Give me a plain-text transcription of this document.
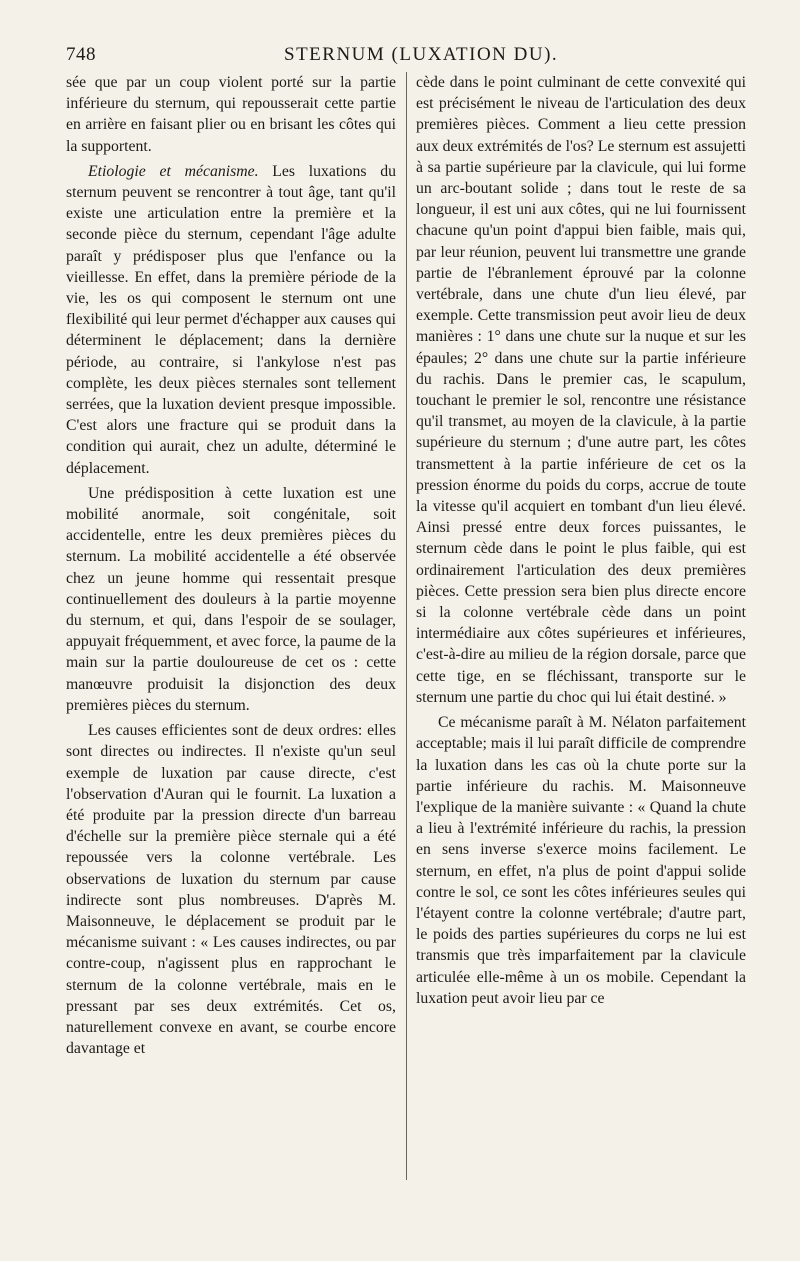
748	STERNUM (LUXATION DU).

sée que par un coup violent porté sur la partie inférieure du sternum, qui repousserait cette partie en arrière en faisant plier ou en brisant les côtes qui la supportent.

Etiologie et mécanisme. Les luxations du sternum peuvent se rencontrer à tout âge, tant qu'il existe une articulation entre la première et la seconde pièce du sternum, cependant l'âge adulte paraît y prédisposer plus que l'enfance ou la vieillesse. En effet, dans la première période de la vie, les os qui composent le sternum ont une flexibilité qui leur permet d'échapper aux causes qui déterminent le déplacement; dans la dernière période, au contraire, si l'ankylose n'est pas complète, les deux pièces sternales sont tellement serrées, que la luxation devient presque impossible. C'est alors une fracture qui se produit dans la condition qui aurait, chez un adulte, déterminé le déplacement.

Une prédisposition à cette luxation est une mobilité anormale, soit congénitale, soit accidentelle, entre les deux premières pièces du sternum. La mobilité accidentelle a été observée chez un jeune homme qui ressentait presque continuellement des douleurs à la partie moyenne du sternum, et qui, dans l'espoir de se soulager, appuyait fréquemment, et avec force, la paume de la main sur la partie douloureuse de cet os : cette manœuvre produisit la disjonction des deux premières pièces du sternum.

Les causes efficientes sont de deux ordres: elles sont directes ou indirectes. Il n'existe qu'un seul exemple de luxation par cause directe, c'est l'observation d'Auran qui le fournit. La luxation a été produite par la pression directe d'un barreau d'échelle sur la première pièce sternale qui a été repoussée vers la colonne vertébrale. Les observations de luxation du sternum par cause indirecte sont plus nombreuses. D'après M. Maisonneuve, le déplacement se produit par le mécanisme suivant : « Les causes indirectes, ou par contre-coup, n'agissent plus en rapprochant le sternum de la colonne vertébrale, mais en le pressant par ses deux extrémités. Cet os, naturellement convexe en avant, se courbe encore davantage et

cède dans le point culminant de cette convexité qui est précisément le niveau de l'articulation des deux premières pièces. Comment a lieu cette pression aux deux extrémités de l'os? Le sternum est assujetti à sa partie supérieure par la clavicule, qui lui forme un arc-boutant solide ; dans tout le reste de sa longueur, il est uni aux côtes, qui ne lui fournissent chacune qu'un point d'appui bien faible, mais qui, par leur réunion, peuvent lui transmettre une grande partie de l'ébranlement éprouvé par la colonne vertébrale, dans une chute d'un lieu élevé, par exemple. Cette transmission peut avoir lieu de deux manières : 1° dans une chute sur la nuque et sur les épaules; 2° dans une chute sur la partie inférieure du rachis. Dans le premier cas, le scapulum, touchant le premier le sol, rencontre une résistance qu'il transmet, au moyen de la clavicule, à la partie supérieure du sternum ; d'une autre part, les côtes transmettent à la partie inférieure de cet os la pression énorme du poids du corps, accrue de toute la vitesse qu'il acquiert en tombant d'un lieu élevé. Ainsi pressé entre deux forces puissantes, le sternum cède dans le point le plus faible, qui est ordinairement l'articulation des deux premières pièces. Cette pression sera bien plus directe encore si la colonne vertébrale cède dans un point intermédiaire aux côtes supérieures et inférieures, c'est-à-dire au milieu de la région dorsale, parce que cette tige, en se fléchissant, transporte sur le sternum une partie du choc qui lui était destiné. »

Ce mécanisme paraît à M. Nélaton parfaitement acceptable; mais il lui paraît difficile de comprendre la luxation dans les cas où la chute porte sur la partie inférieure du rachis. M. Maisonneuve l'explique de la manière suivante : « Quand la chute a lieu à l'extrémité inférieure du rachis, la pression en sens inverse s'exerce moins facilement. Le sternum, en effet, n'a plus de point d'appui solide contre le sol, ce sont les côtes inférieures seules qui l'étayent contre la colonne vertébrale; d'autre part, le poids des parties supérieures du corps ne lui est transmis que très imparfaitement par la clavicule articulée elle-même à un os mobile. Cependant la luxation peut avoir lieu par ce
